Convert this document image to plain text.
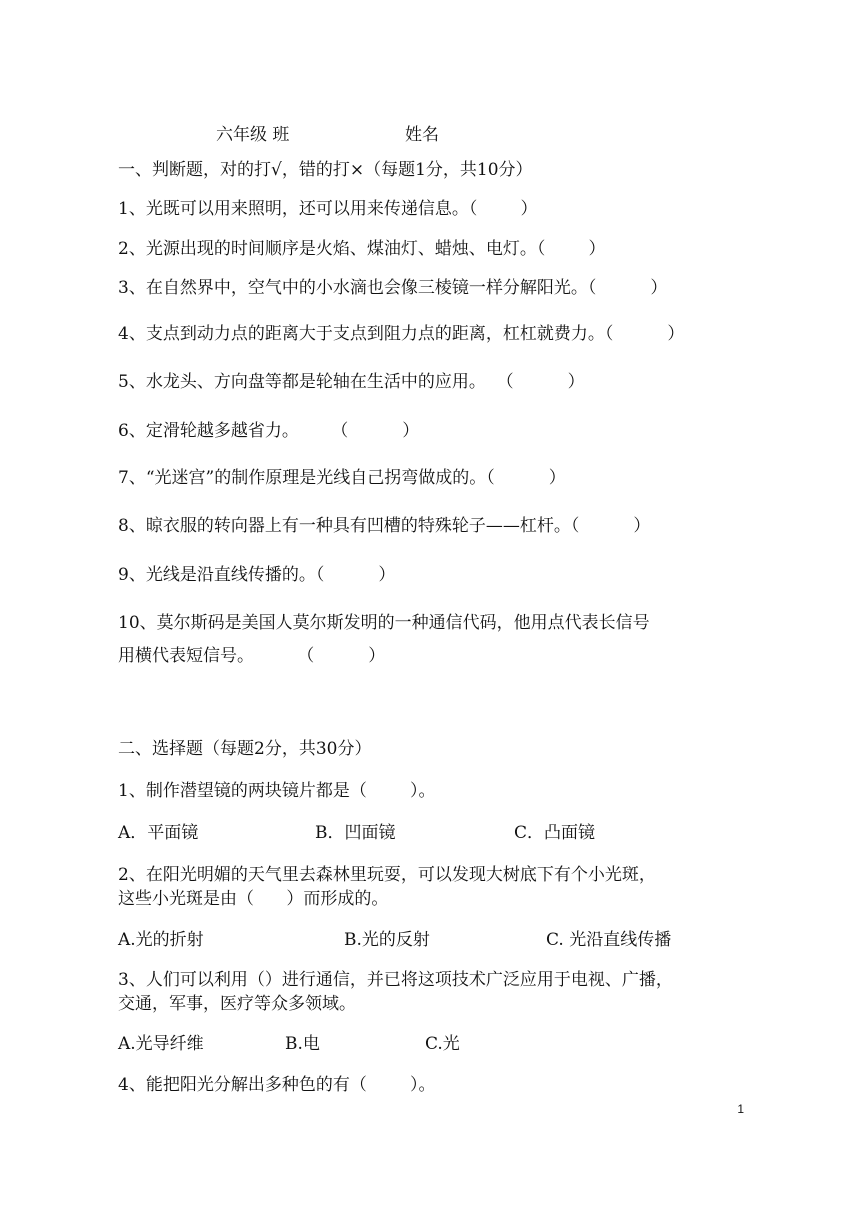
六年级 班	姓名
一、判断题，对的打√，错的打×（每题1分，共10分）
1、光既可以用来照明，还可以用来传递信息。（        ）
2、光源出现的时间顺序是火焰、煤油灯、蜡烛、电灯。（        ）
3、在自然界中，空气中的小水滴也会像三棱镜一样分解阳光。（          ）
4、支点到动力点的距离大于支点到阻力点的距离，杠杠就费力。（          ）
5、水龙头、方向盘等都是轮轴在生活中的应用。  （          ）
6、定滑轮越多越省力。      （          ）
7、“光迷宫”的制作原理是光线自己拐弯做成的。（          ）
8、晾衣服的转向器上有一种具有凹槽的特殊轮子——杠杆。（          ）
9、光线是沿直线传播的。（          ）
10、莫尔斯码是美国人莫尔斯发明的一种通信代码，他用点代表长信号
用横代表短信号。        （          ）
二、选择题（每题2分，共30分）
1、制作潜望镜的两块镜片都是（        ）。
A．平面镜	B．凹面镜	C．凸面镜
2、在阳光明媚的天气里去森林里玩耍，可以发现大树底下有个小光斑，
这些小光斑是由（      ）而形成的。
A.光的折射	B.光的反射	C. 光沿直线传播
3、人们可以利用（）进行通信，并已将这项技术广泛应用于电视、广播，
交通，军事，医疗等众多领域。
A.光导纤维	B.电	C.光
4、能把阳光分解出多种色的有（        ）。
1
